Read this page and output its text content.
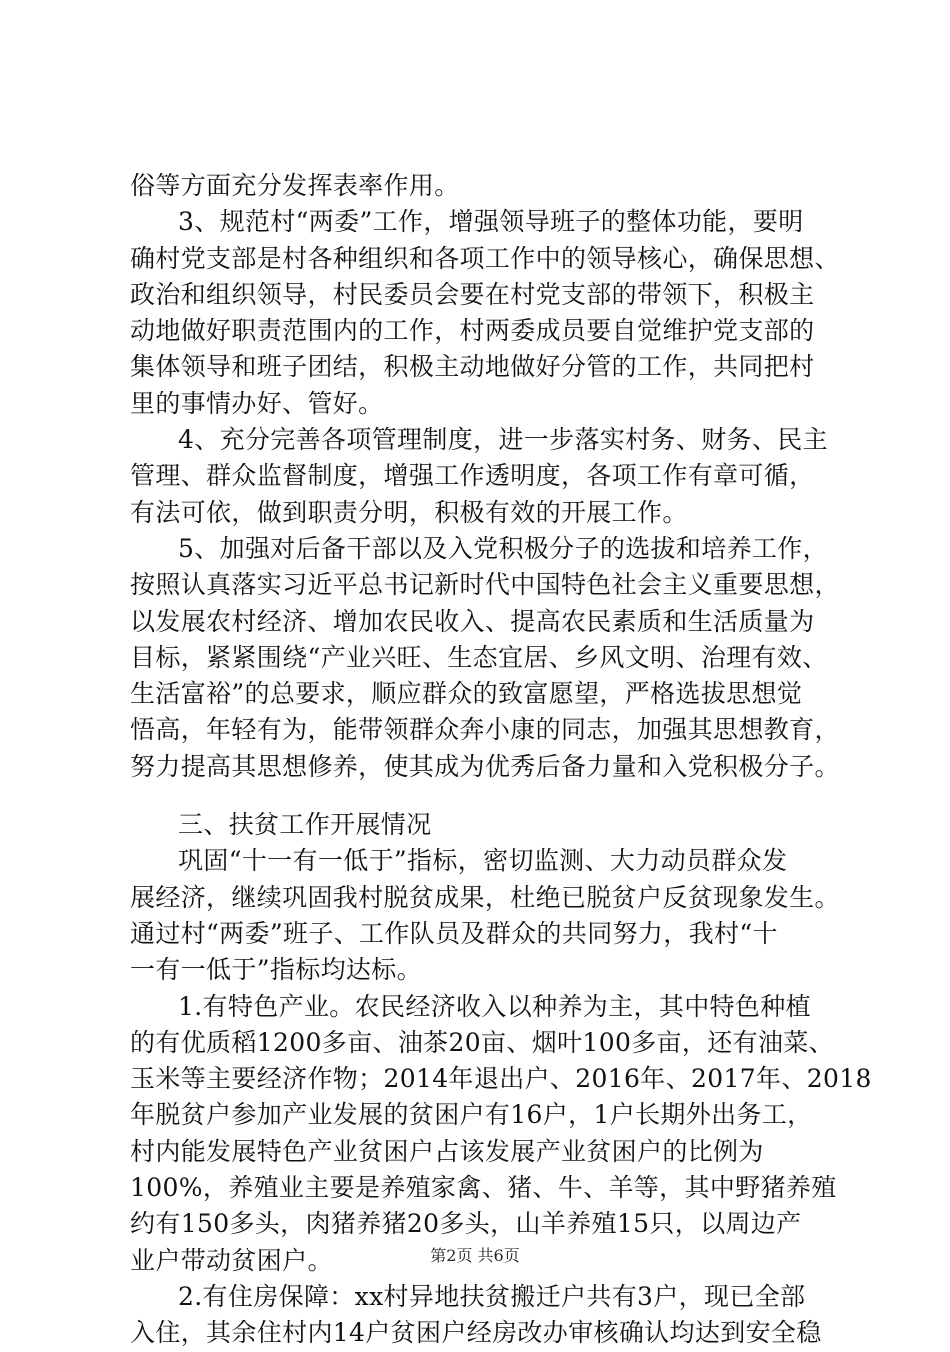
俗等方面充分发挥表率作用。
3、规范村“两委”工作，增强领导班子的整体功能，要明
确村党支部是村各种组织和各项工作中的领导核心，确保思想、
政治和组织领导，村民委员会要在村党支部的带领下，积极主
动地做好职责范围内的工作，村两委成员要自觉维护党支部的
集体领导和班子团结，积极主动地做好分管的工作，共同把村
里的事情办好、管好。
4、充分完善各项管理制度，进一步落实村务、财务、民主
管理、群众监督制度，增强工作透明度，各项工作有章可循，
有法可依，做到职责分明，积极有效的开展工作。
5、加强对后备干部以及入党积极分子的选拔和培养工作，
按照认真落实习近平总书记新时代中国特色社会主义重要思想，
以发展农村经济、增加农民收入、提高农民素质和生活质量为
目标，紧紧围绕“产业兴旺、生态宜居、乡风文明、治理有效、
生活富裕”的总要求，顺应群众的致富愿望，严格选拔思想觉
悟高，年轻有为，能带领群众奔小康的同志，加强其思想教育，
努力提高其思想修养，使其成为优秀后备力量和入党积极分子。
三、扶贫工作开展情况
巩固“十一有一低于”指标，密切监测、大力动员群众发
展经济，继续巩固我村脱贫成果，杜绝已脱贫户反贫现象发生。
通过村“两委”班子、工作队员及群众的共同努力，我村“十
一有一低于”指标均达标。
1.有特色产业。农民经济收入以种养为主，其中特色种植
的有优质稻1200多亩、油茶20亩、烟叶100多亩，还有油菜、
玉米等主要经济作物；2014年退出户、2016年、2017年、2018
年脱贫户参加产业发展的贫困户有16户，1户长期外出务工，
村内能发展特色产业贫困户占该发展产业贫困户的比例为
100%，养殖业主要是养殖家禽、猪、牛、羊等，其中野猪养殖
约有150多头，肉猪养猪20多头，山羊养殖15只，以周边产
业户带动贫困户。
2.有住房保障：xx村异地扶贫搬迁户共有3户，现已全部
入住，其余住村内14户贫困户经房改办审核确认均达到安全稳
第2页 共6页
